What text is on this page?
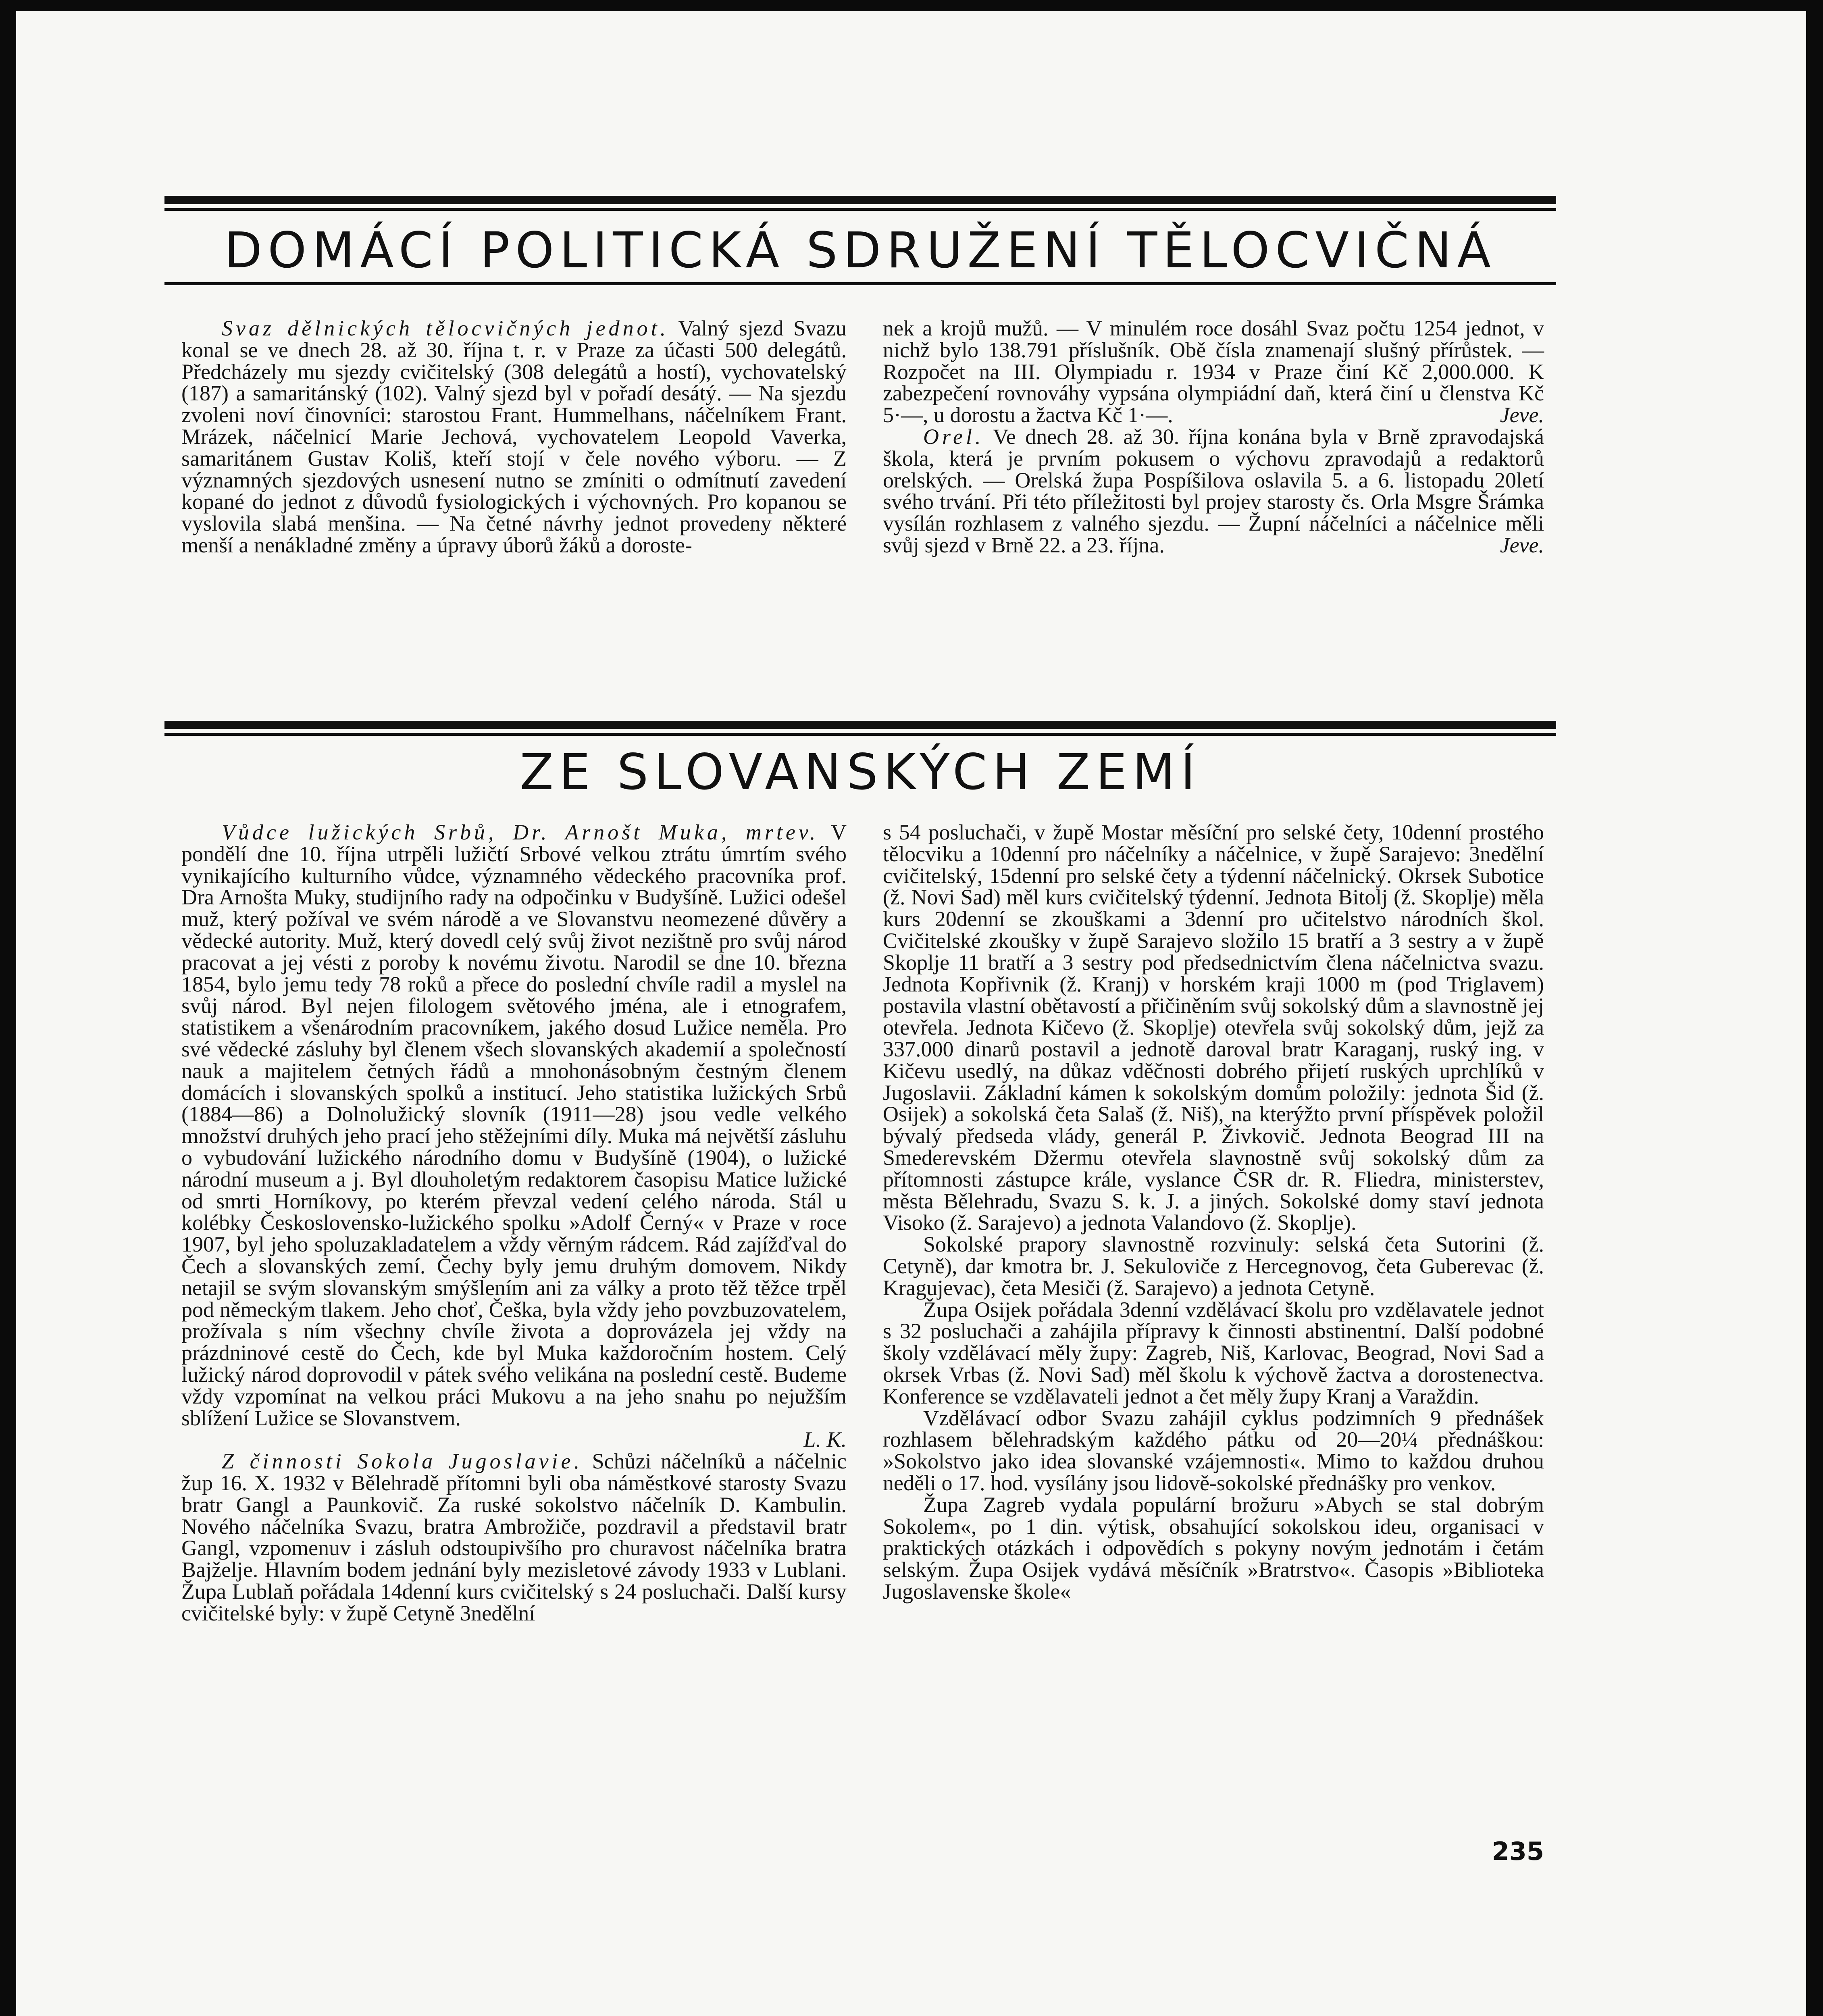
DOMÁCÍ POLITICKÁ SDRUŽENÍ TĚLOCVIČNÁ

Svaz dělnických tělocvičných jednot. Valný sjezd Svazu konal se ve dnech 28. až 30. října t. r. v Praze za účasti 500 delegátů. Předcházely mu sjezdy cvičitelský (308 delegátů a hostí), vychovatelský (187) a samaritánský (102). Valný sjezd byl v pořadí desátý. — Na sjezdu zvoleni noví činovníci: starostou Frant. Hummelhans, náčelníkem Frant. Mrázek, náčelnicí Marie Jechová, vychovatelem Leopold Vaverka, samaritánem Gustav Koliš, kteří stojí v čele nového výboru. — Z významných sjezdových usnesení nutno se zmíniti o odmítnutí zavedení kopané do jednot z důvodů fysiologických i výchovných. Pro kopanou se vyslovila slabá menšina. — Na četné návrhy jednot provedeny některé menší a nenákladné změny a úpravy úborů žáků a doroste-

nek a krojů mužů. — V minulém roce dosáhl Svaz počtu 1254 jednot, v nichž bylo 138.791 příslušník. Obě čísla znamenají slušný přírůstek. — Rozpočet na III. Olympiadu r. 1934 v Praze činí Kč 2,000.000. K zabezpečení rovnováhy vypsána olympiádní daň, která činí u členstva Kč 5·—, u dorostu a žactva Kč 1·—.	Jeve.

Orel. Ve dnech 28. až 30. října konána byla v Brně zpravodajská škola, která je prvním pokusem o výchovu zpravodajů a redaktorů orelských. — Orelská župa Pospíšilova oslavila 5. a 6. listopadu 20letí svého trvání. Při této příležitosti byl projev starosty čs. Orla Msgre Šrámka vysílán rozhlasem z valného sjezdu. — Župní náčelníci a náčelnice měli svůj sjezd v Brně 22. a 23. října.	Jeve.

ZE SLOVANSKÝCH ZEMÍ

Vůdce lužických Srbů, Dr. Arnošt Muka, mrtev. V pondělí dne 10. října utrpěli lužičtí Srbové velkou ztrátu úmrtím svého vynikajícího kulturního vůdce, významného vědeckého pracovníka prof. Dra Arnošta Muky, studijního rady na odpočinku v Budyšíně. Lužici odešel muž, který požíval ve svém národě a ve Slovanstvu neomezené důvěry a vědecké autority. Muž, který dovedl celý svůj život nezištně pro svůj národ pracovat a jej vésti z poroby k novému životu. Narodil se dne 10. března 1854, bylo jemu tedy 78 roků a přece do poslední chvíle radil a myslel na svůj národ. Byl nejen filologem světového jména, ale i etnografem, statistikem a všenárodním pracovníkem, jakého dosud Lužice neměla. Pro své vědecké zásluhy byl členem všech slovanských akademií a společností nauk a majitelem četných řádů a mnohonásobným čestným členem domácích i slovanských spolků a institucí. Jeho statistika lužických Srbů (1884—86) a Dolnolužický slovník (1911—28) jsou vedle velkého množství druhých jeho prací jeho stěžejními díly. Muka má největší zásluhu o vybudování lužického národního domu v Budyšíně (1904), o lužické národní museum a j. Byl dlouholetým redaktorem časopisu Matice lužické od smrti Horníkovy, po kterém převzal vedení celého národa. Stál u kolébky Československo-lužického spolku »Adolf Černý« v Praze v roce 1907, byl jeho spoluzakladatelem a vždy věrným rádcem. Rád zajížďval do Čech a slovanských zemí. Čechy byly jemu druhým domovem. Nikdy netajil se svým slovanským smýšlením ani za války a proto těž těžce trpěl pod německým tlakem. Jeho choť, Češka, byla vždy jeho povzbuzovatelem, prožívala s ním všechny chvíle života a doprovázela jej vždy na prázdninové cestě do Čech, kde byl Muka každoročním hostem. Celý lužický národ doprovodil v pátek svého velikána na poslední cestě. Budeme vždy vzpomínat na velkou práci Mukovu a na jeho snahu po nejužším sblížení Lužice se Slovanstvem.

L. K.

Z činnosti Sokola Jugoslavie. Schůzi náčelníků a náčelnic žup 16. X. 1932 v Bělehradě přítomni byli oba náměstkové starosty Svazu bratr Gangl a Paunkovič. Za ruské sokolstvo náčelník D. Kambulin. Nového náčelníka Svazu, bratra Ambrožiče, pozdravil a představil bratr Gangl, vzpomenuv i zásluh odstoupivšího pro churavost náčelníka bratra Bajželje. Hlavním bodem jednání byly mezisletové závody 1933 v Lublani. Župa Lublaň pořádala 14denní kurs cvičitelský s 24 posluchači. Další kursy cvičitelské byly: v župě Cetyně 3nedělní

s 54 posluchači, v župě Mostar měsíční pro selské čety, 10denní prostého tělocviku a 10denní pro náčelníky a náčelnice, v župě Sarajevo: 3nedělní cvičitelský, 15denní pro selské čety a týdenní náčelnický. Okrsek Subotice (ž. Novi Sad) měl kurs cvičitelský týdenní. Jednota Bitolj (ž. Skoplje) měla kurs 20denní se zkouškami a 3denní pro učitelstvo národních škol. Cvičitelské zkoušky v župě Sarajevo složilo 15 bratří a 3 sestry a v župě Skoplje 11 bratří a 3 sestry pod předsednictvím člena náčelnictva svazu. Jednota Kopřivnik (ž. Kranj) v horském kraji 1000 m (pod Triglavem) postavila vlastní obětavostí a přičiněním svůj sokolský dům a slavnostně jej otevřela. Jednota Kičevo (ž. Skoplje) otevřela svůj sokolský dům, jejž za 337.000 dinarů postavil a jednotě daroval bratr Karaganj, ruský ing. v Kičevu usedlý, na důkaz vděčnosti dobrého přijetí ruských uprchlíků v Jugoslavii. Základní kámen k sokolským domům položily: jednota Šid (ž. Osijek) a sokolská četa Salaš (ž. Niš), na kterýžto první příspěvek položil bývalý předseda vlády, generál P. Živkovič. Jednota Beograd III na Smederevském Džermu otevřela slavnostně svůj sokolský dům za přítomnosti zástupce krále, vyslance ČSR dr. R. Fliedra, ministerstev, města Bělehradu, Svazu S. k. J. a jiných. Sokolské domy staví jednota Visoko (ž. Sarajevo) a jednota Valandovo (ž. Skoplje).

Sokolské prapory slavnostně rozvinuly: selská četa Sutorini (ž. Cetyně), dar kmotra br. J. Sekuloviče z Hercegnovog, četa Guberevac (ž. Kragujevac), četa Mesiči (ž. Sarajevo) a jednota Cetyně.

Župa Osijek pořádala 3denní vzdělávací školu pro vzdělavatele jednot s 32 posluchači a zahájila přípravy k činnosti abstinentní. Další podobné školy vzdělávací měly župy: Zagreb, Niš, Karlovac, Beograd, Novi Sad a okrsek Vrbas (ž. Novi Sad) měl školu k výchově žactva a dorostenectva. Konference se vzdělavateli jednot a čet měly župy Kranj a Varaždin.

Vzdělávací odbor Svazu zahájil cyklus podzimních 9 přednášek rozhlasem bělehradským každého pátku od 20—20¼ přednáškou: »Sokolstvo jako idea slovanské vzájemnosti«. Mimo to každou druhou neděli o 17. hod. vysílány jsou lidově-sokolské přednášky pro venkov.

Župa Zagreb vydala populární brožuru »Abych se stal dobrým Sokolem«, po 1 din. výtisk, obsahující sokolskou ideu, organisaci v praktických otázkách i odpovědích s pokyny novým jednotám i četám selským. Župa Osijek vydává měsíčník »Bratrstvo«. Časopis »Biblioteka Jugoslavenske škole«

235
